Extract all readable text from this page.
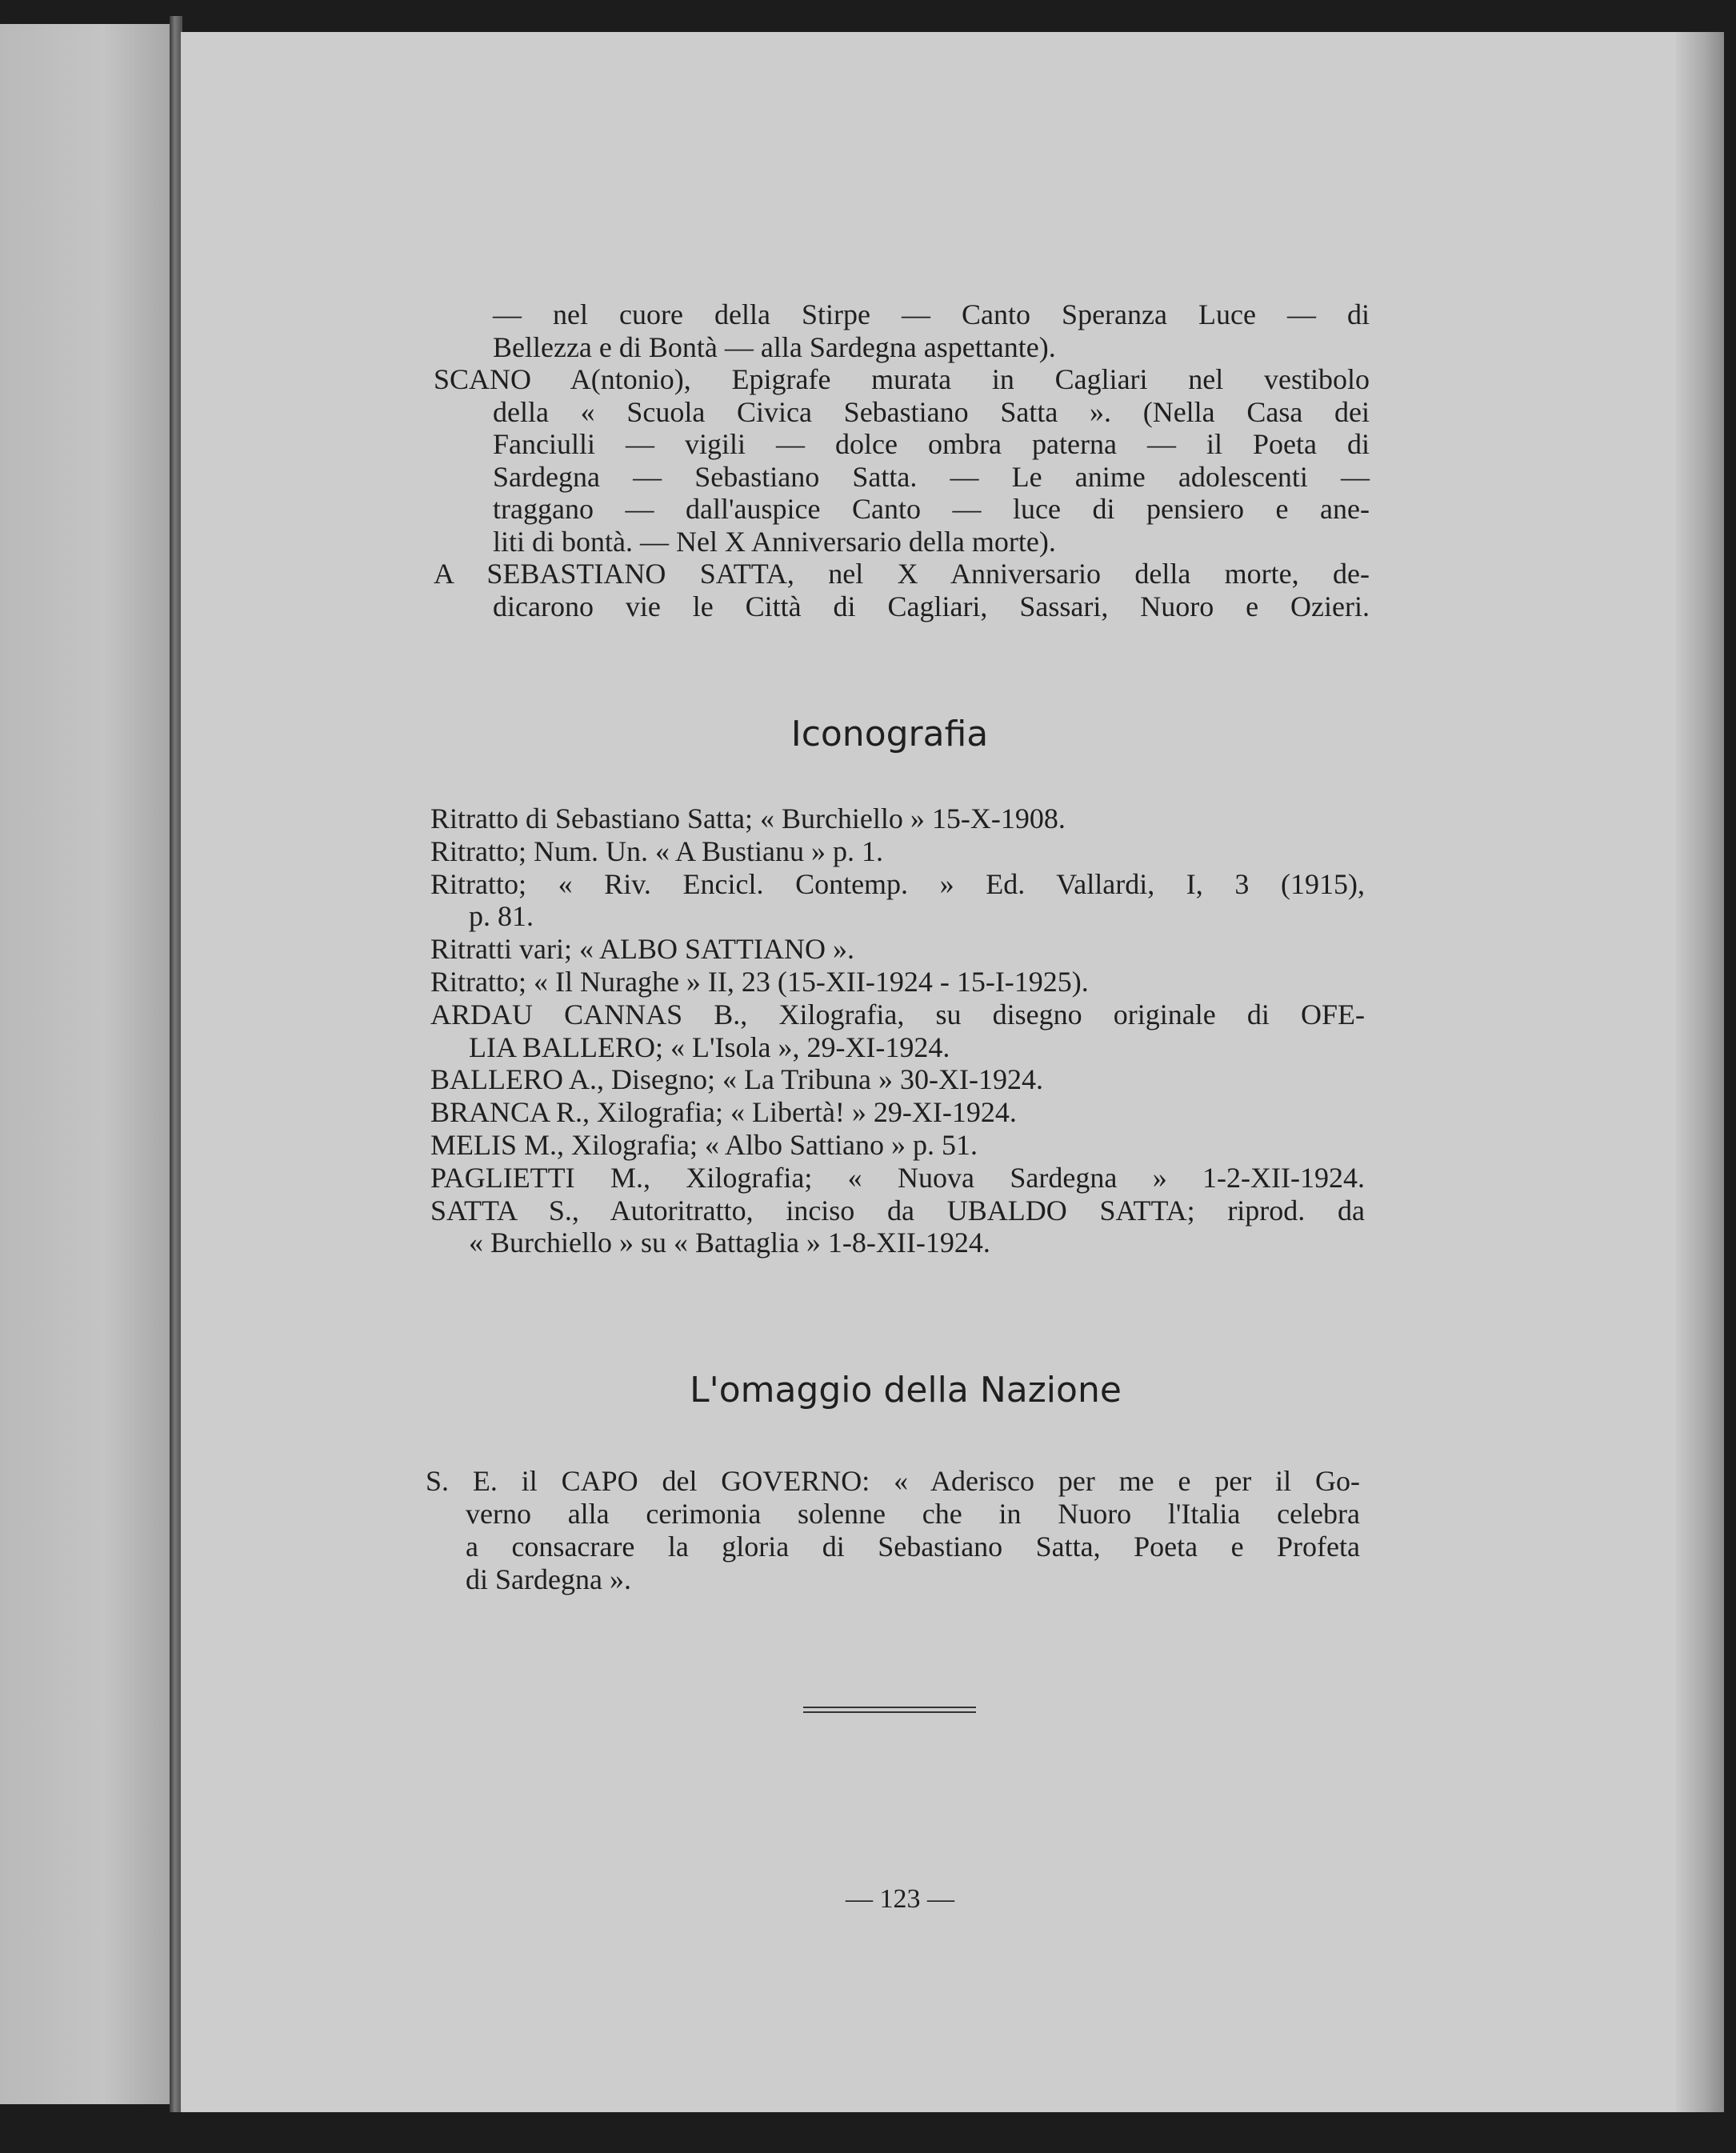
— nel cuore della Stirpe — Canto Speranza Luce — di
Bellezza e di Bontà — alla Sardegna aspettante).
SCANO A(ntonio), Epigrafe murata in Cagliari nel vestibolo
della « Scuola Civica Sebastiano Satta ». (Nella Casa dei
Fanciulli — vigili — dolce ombra paterna — il Poeta di
Sardegna — Sebastiano Satta. — Le anime adolescenti —
traggano — dall'auspice Canto — luce di pensiero e ane-
liti di bontà. — Nel X Anniversario della morte).
A SEBASTIANO SATTA, nel X Anniversario della morte, de-
dicarono vie le Città di Cagliari, Sassari, Nuoro e Ozieri.
Iconografia
Ritratto di Sebastiano Satta; « Burchiello » 15-X-1908.
Ritratto; Num. Un. « A Bustianu » p. 1.
Ritratto; « Riv. Encicl. Contemp. » Ed. Vallardi, I, 3 (1915),
p. 81.
Ritratti vari; « ALBO SATTIANO ».
Ritratto; « Il Nuraghe » II, 23 (15-XII-1924 - 15-I-1925).
ARDAU CANNAS B., Xilografia, su disegno originale di OFE-
LIA BALLERO; « L'Isola », 29-XI-1924.
BALLERO A., Disegno; « La Tribuna » 30-XI-1924.
BRANCA R., Xilografia; « Libertà! » 29-XI-1924.
MELIS M., Xilografia; « Albo Sattiano » p. 51.
PAGLIETTI M., Xilografia; « Nuova Sardegna » 1-2-XII-1924.
SATTA S., Autoritratto, inciso da UBALDO SATTA; riprod. da
« Burchiello » su « Battaglia » 1-8-XII-1924.
L'omaggio della Nazione
S. E. il CAPO del GOVERNO: « Aderisco per me e per il Go-
verno alla cerimonia solenne che in Nuoro l'Italia celebra
a consacrare la gloria di Sebastiano Satta, Poeta e Profeta
di Sardegna ».
— 123 —
